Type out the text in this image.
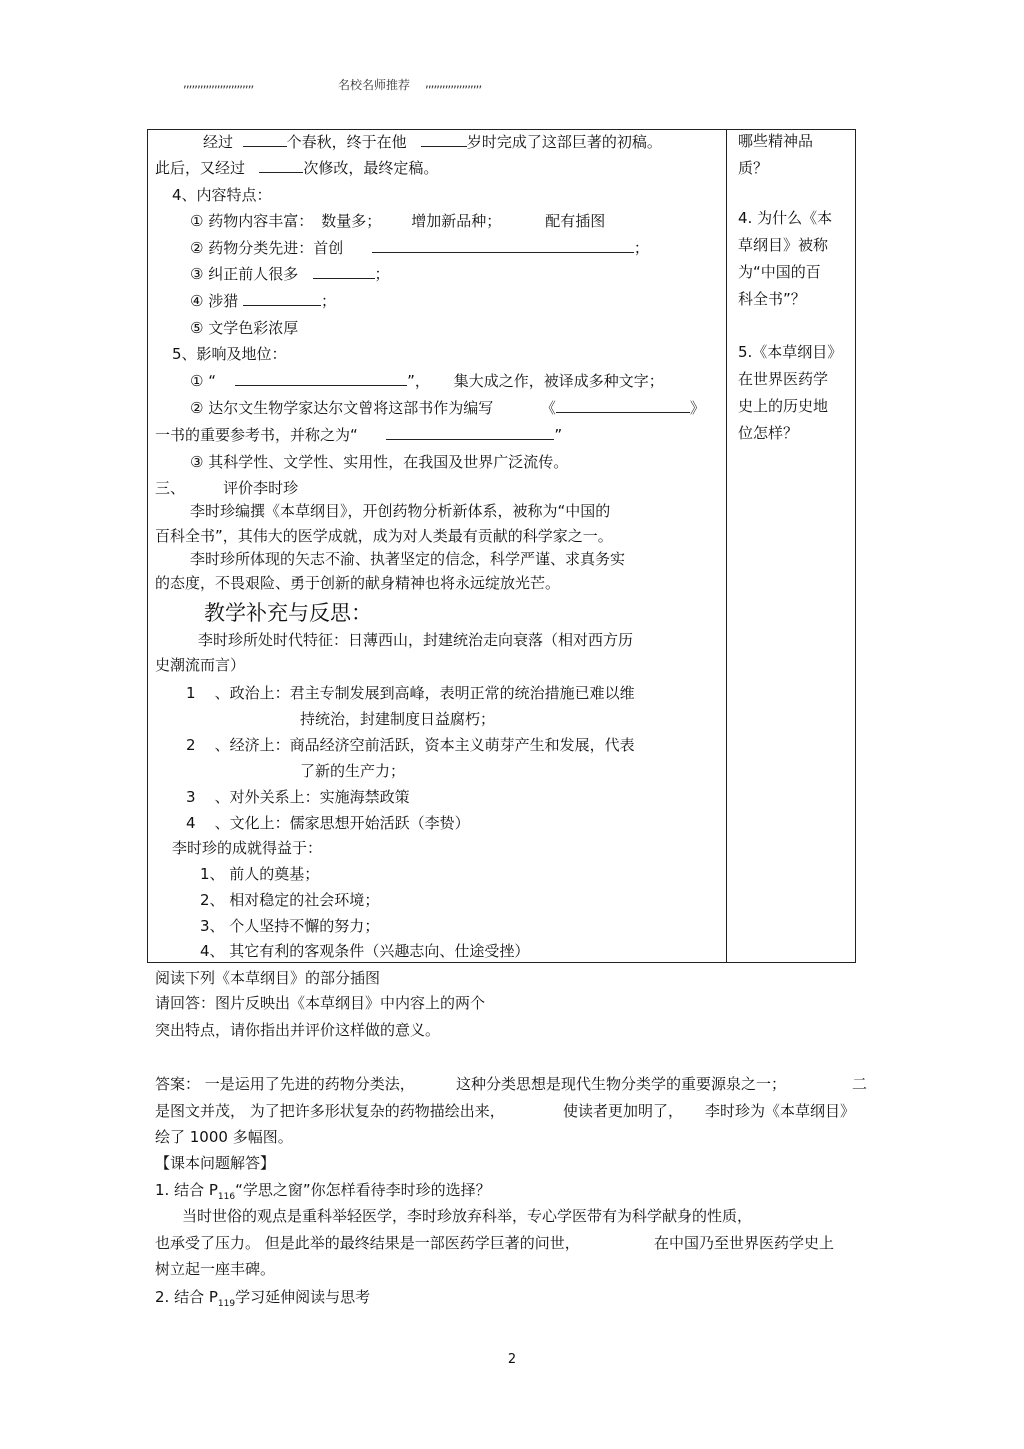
,,,,,,,,,,,,,,,,,,,,,,,,,	名校名师推荐 ,,,,,,,,,,,,,,,,,,,,
经过	个春秋，终于在他	岁时完成了这部巨著的初稿。
此后，又经过	次修改，最终定稿。
4、内容特点：
① 药物内容丰富： 数量多； 增加新品种；	配有插图
② 药物分类先进：首创	；
③ 纠正前人很多	；
④ 涉猎	；
⑤ 文学色彩浓厚
5、影响及地位：
① “	”， 集大成之作，被译成多种文字；
② 达尔文生物学家达尔文曾将这部书作为编写	《	》
一书的重要参考书，并称之为“	”
③ 其科学性、文学性、实用性，在我国及世界广泛流传。
三、	评价李时珍
李时珍编撰《本草纲目》，开创药物分析新体系，被称为“中国的
百科全书”，其伟大的医学成就，成为对人类最有贡献的科学家之一。
李时珍所体现的矢志不渝、执著坚定的信念，科学严谨、求真务实
的态度，不畏艰险、勇于创新的献身精神也将永远绽放光芒。
教学补充与反思：
李时珍所处时代特征：日薄西山，封建统治走向衰落（相对西方历
史潮流而言）
1 、政治上：君主专制发展到高峰，表明正常的统治措施已难以维
持统治，封建制度日益腐朽；
2 、经济上：商品经济空前活跃，资本主义萌芽产生和发展，代表
了新的生产力；
3 、对外关系上：实施海禁政策
4 、文化上：儒家思想开始活跃（李贽）
李时珍的成就得益于：
1、 前人的奠基；
2、 相对稳定的社会环境；
3、 个人坚持不懈的努力；
4、 其它有利的客观条件（兴趣志向、仕途受挫）

哪些精神品

质？

4. 为什么《本

草纲目》被称

为“中国的百

科全书”？

5.《本草纲目》

在世界医药学

史上的历史地

位怎样？

阅读下列《本草纲目》的部分插图
请回答：图片反映出《本草纲目》中内容上的两个
突出特点，请你指出并评价这样做的意义。
答案： 一是运用了先进的药物分类法，	这种分类思想是现代生物分类学的重要源泉之一；	二
是图文并茂， 为了把许多形状复杂的药物描绘出来，	使读者更加明了， 李时珍为《本草纲目》
绘了 1000 多幅图。
【课本问题解答】
1. 结合 $P_{116}“$学思之窗”你怎样看待李时珍的选择？
当时世俗的观点是重科举轻医学，李时珍放弃科举，专心学医带有为科学献身的性质，
也承受了压力。 但是此举的最终结果是一部医药学巨著的问世，	在中国乃至世界医药学史上
树立起一座丰碑。
2. 结合 $P_{119}$学习延伸阅读与思考
2
